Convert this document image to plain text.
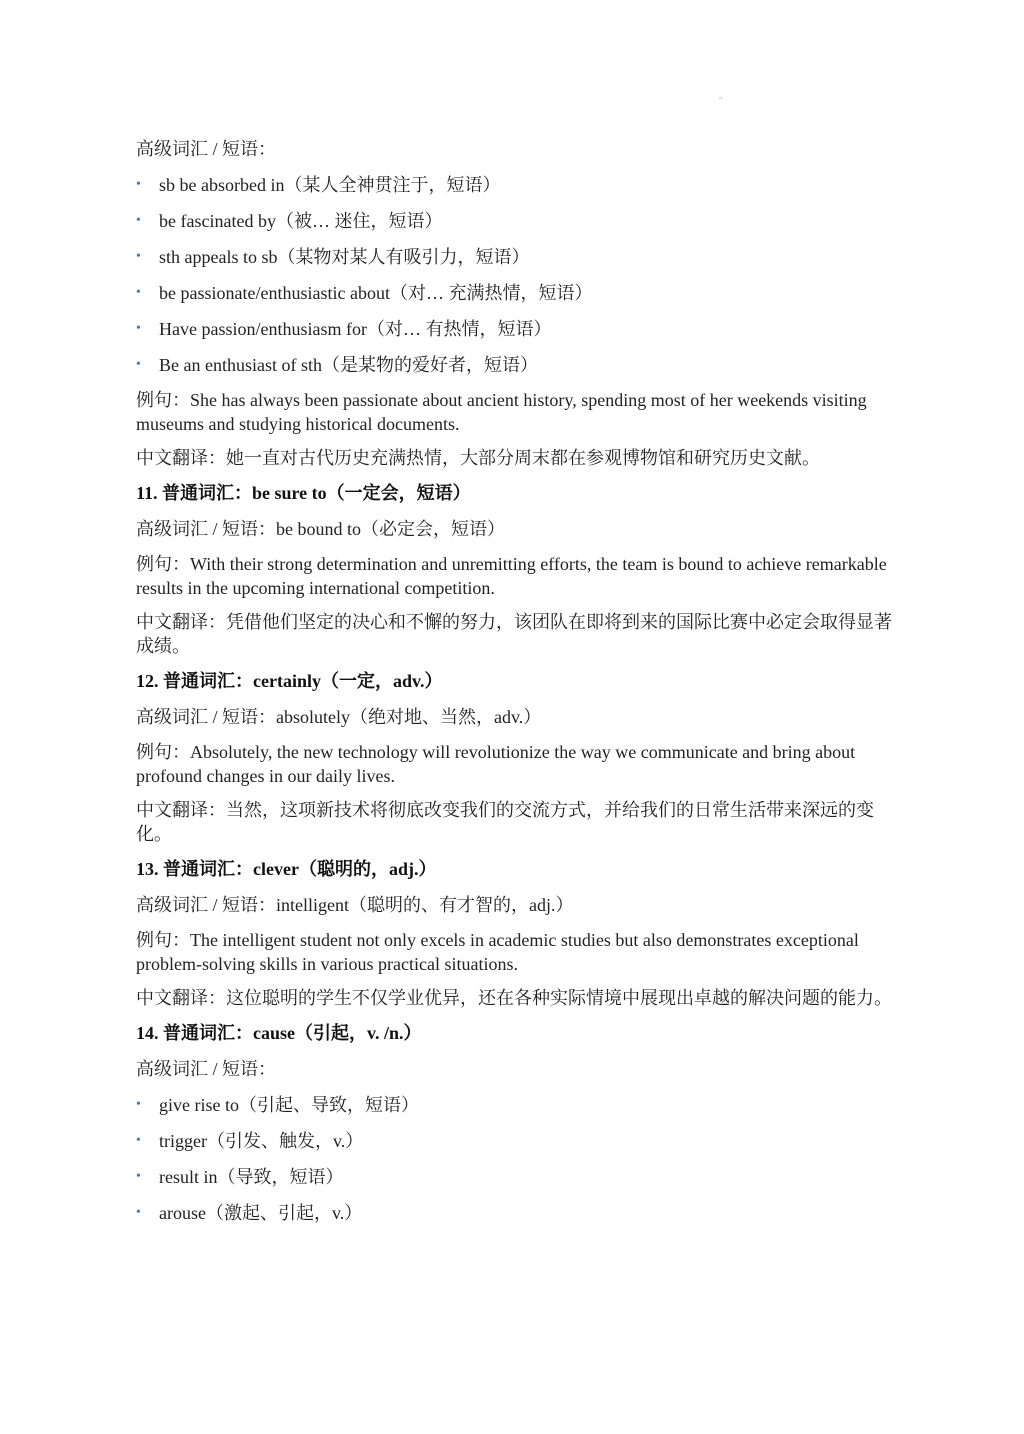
"

高级词汇 / 短语：

• sb be absorbed in（某人全神贯注于，短语）
• be fascinated by（被… 迷住，短语）
• sth appeals to sb（某物对某人有吸引力，短语）
• be passionate/enthusiastic about（对… 充满热情，短语）
• Have passion/enthusiasm for（对… 有热情，短语）
• Be an enthusiast of sth（是某物的爱好者，短语）

例句：She has always been passionate about ancient history, spending most of her weekends visiting museums and studying historical documents.

中文翻译：她一直对古代历史充满热情，大部分周末都在参观博物馆和研究历史文献。

11. 普通词汇：be sure to（一定会，短语）

高级词汇 / 短语：be bound to（必定会，短语）

例句：With their strong determination and unremitting efforts, the team is bound to achieve remarkable results in the upcoming international competition.

中文翻译：凭借他们坚定的决心和不懈的努力，该团队在即将到来的国际比赛中必定会取得显著成绩。

12. 普通词汇：certainly（一定，adv.）

高级词汇 / 短语：absolutely（绝对地、当然，adv.）

例句：Absolutely, the new technology will revolutionize the way we communicate and bring about profound changes in our daily lives.

中文翻译：当然，这项新技术将彻底改变我们的交流方式，并给我们的日常生活带来深远的变化。

13. 普通词汇：clever（聪明的，adj.）

高级词汇 / 短语：intelligent（聪明的、有才智的，adj.）

例句：The intelligent student not only excels in academic studies but also demonstrates exceptional problem-solving skills in various practical situations.

中文翻译：这位聪明的学生不仅学业优异，还在各种实际情境中展现出卓越的解决问题的能力。

14. 普通词汇：cause（引起，v. /n.）

高级词汇 / 短语：

• give rise to（引起、导致，短语）
• trigger（引发、触发，v.）
• result in（导致，短语）
• arouse（激起、引起，v.）
